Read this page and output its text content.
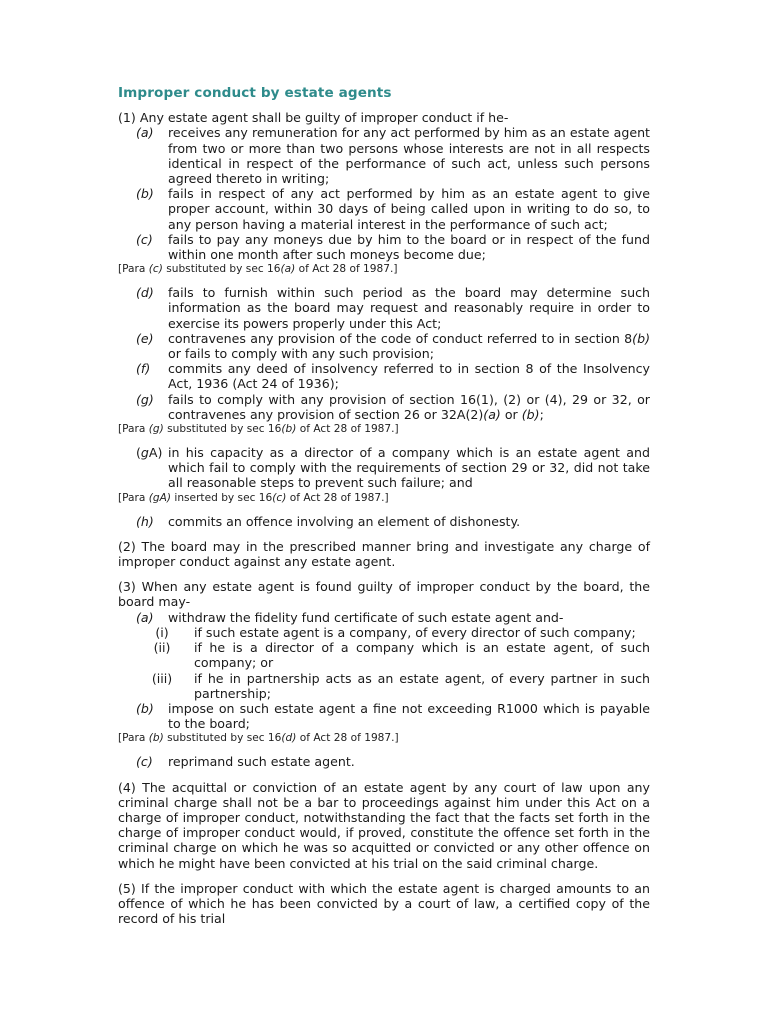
Improper conduct by estate agents

(1) Any estate agent shall be guilty of improper conduct if he-

(a)	receives any remuneration for any act performed by him as an estate agent from two or more than two persons whose interests are not in all respects identical in respect of the performance of such act, unless such persons agreed thereto in writing;
(b)	fails in respect of any act performed by him as an estate agent to give proper account, within 30 days of being called upon in writing to do so, to any person having a material interest in the performance of such act;
(c)	fails to pay any moneys due by him to the board or in respect of the fund within one month after such moneys become due;

[Para (c) substituted by sec 16(a) of Act 28 of 1987.]

(d)	fails to furnish within such period as the board may determine such information as the board may request and reasonably require in order to exercise its powers properly under this Act;
(e)	contravenes any provision of the code of conduct referred to in section 8(b) or fails to comply with any such provision;
(f)	commits any deed of insolvency referred to in section 8 of the Insolvency Act, 1936 (Act 24 of 1936);
(g)	fails to comply with any provision of section 16(1), (2) or (4), 29 or 32, or contravenes any provision of section 26 or 32A(2)(a) or (b);

[Para (g) substituted by sec 16(b) of Act 28 of 1987.]

(gA) in his capacity as a director of a company which is an estate agent and which fail to comply with the requirements of section 29 or 32, did not take all reasonable steps to prevent such failure; and

[Para (gA) inserted by sec 16(c) of Act 28 of 1987.]

(h)	commits an offence involving an element of dishonesty.

(2) The board may in the prescribed manner bring and investigate any charge of improper conduct against any estate agent.

(3) When any estate agent is found guilty of improper conduct by the board, the board may-

(a)	withdraw the fidelity fund certificate of such estate agent and-
(i)	if such estate agent is a company, of every director of such company;
(ii)	if he is a director of a company which is an estate agent, of such company; or
(iii)	if he in partnership acts as an estate agent, of every partner in such partnership;
(b)	impose on such estate agent a fine not exceeding R1000 which is payable to the board;

[Para (b) substituted by sec 16(d) of Act 28 of 1987.]

(c)	reprimand such estate agent.

(4) The acquittal or conviction of an estate agent by any court of law upon any criminal charge shall not be a bar to proceedings against him under this Act on a charge of improper conduct, notwithstanding the fact that the facts set forth in the charge of improper conduct would, if proved, constitute the offence set forth in the criminal charge on which he was so acquitted or convicted or any other offence on which he might have been convicted at his trial on the said criminal charge.

(5) If the improper conduct with which the estate agent is charged amounts to an offence of which he has been convicted by a court of law, a certified copy of the record of his trial
